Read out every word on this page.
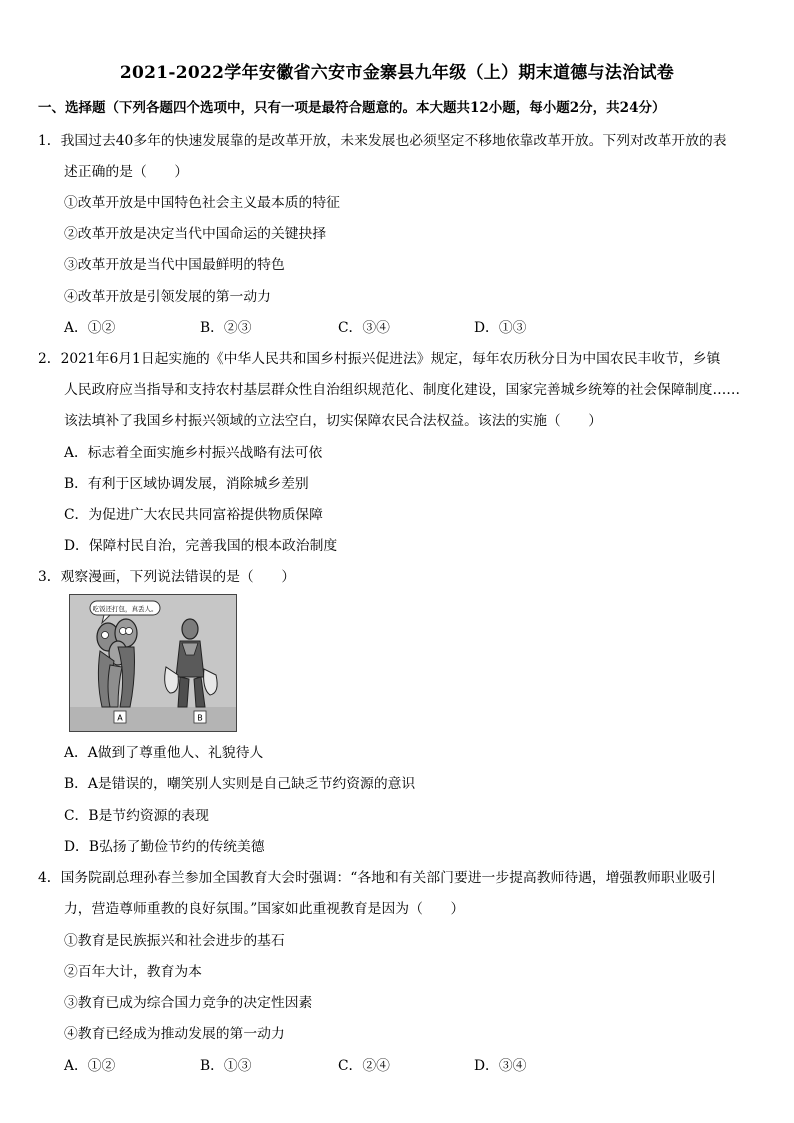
2021-2022学年安徽省六安市金寨县九年级（上）期末道德与法治试卷
一、选择题（下列各题四个选项中，只有一项是最符合题意的。本大题共12小题，每小题2分，共24分）
1．我国过去40多年的快速发展靠的是改革开放，未来发展也必须坚定不移地依靠改革开放。下列对改革开放的表
述正确的是（　　）
①改革开放是中国特色社会主义最本质的特征
②改革开放是决定当代中国命运的关键抉择
③改革开放是当代中国最鲜明的特色
④改革开放是引领发展的第一动力
A．①②	B．②③	C．③④	D．①③
2．2021年6月1日起实施的《中华人民共和国乡村振兴促进法》规定，每年农历秋分日为中国农民丰收节，乡镇
人民政府应当指导和支持农村基层群众性自治组织规范化、制度化建设，国家完善城乡统筹的社会保障制度……
该法填补了我国乡村振兴领域的立法空白，切实保障农民合法权益。该法的实施（　　）
A．标志着全面实施乡村振兴战略有法可依
B．有利于区域协调发展，消除城乡差别
C．为促进广大农民共同富裕提供物质保障
D．保障村民自治，完善我国的根本政治制度
3．观察漫画，下列说法错误的是（　　）
吃饭还打包，真丢人。
A	B
A．A做到了尊重他人、礼貌待人
B．A是错误的，嘲笑别人实则是自己缺乏节约资源的意识
C．B是节约资源的表现
D．B弘扬了勤俭节约的传统美德
4．国务院副总理孙春兰参加全国教育大会时强调：“各地和有关部门要进一步提高教师待遇，增强教师职业吸引
力，营造尊师重教的良好氛围。”国家如此重视教育是因为（　　）
①教育是民族振兴和社会进步的基石
②百年大计，教育为本
③教育已成为综合国力竞争的决定性因素
④教育已经成为推动发展的第一动力
A．①②	B．①③	C．②④	D．③④
